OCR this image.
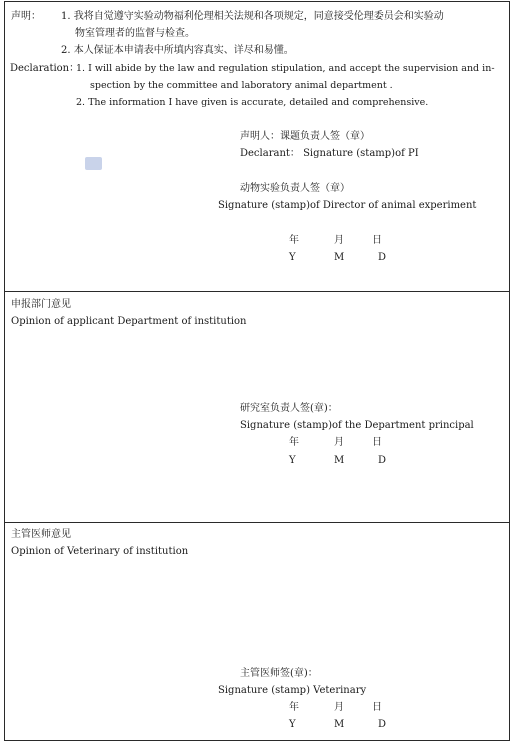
声明： 1. 我将自觉遵守实验动物福利伦理相关法规和各项规定，同意接受伦理委员会和实验动
物室管理者的监督与检查。
2. 本人保证本申请表中所填内容真实、详尽和易懂。
Declaration：
1. I will abide by the law and regulation stipulation, and accept the supervision and in-
spection by the committee and laboratory animal department .
2. The information I have given is accurate, detailed and comprehensive.
声明人：课题负责人签（章）
Declarant： Signature (stamp)of PI
动物实验负责人签（章）
Signature (stamp)of Director of animal experiment
年	月	日
Y	M	D
申报部门意见
Opinion of applicant Department of institution
研究室负责人签(章)：
Signature (stamp)of the Department principal
年	月	日
Y	M	D
主管医师意见
Opinion of Veterinary of institution
主管医师签(章)：
Signature (stamp) Veterinary
年	月	日
Y	M	D
